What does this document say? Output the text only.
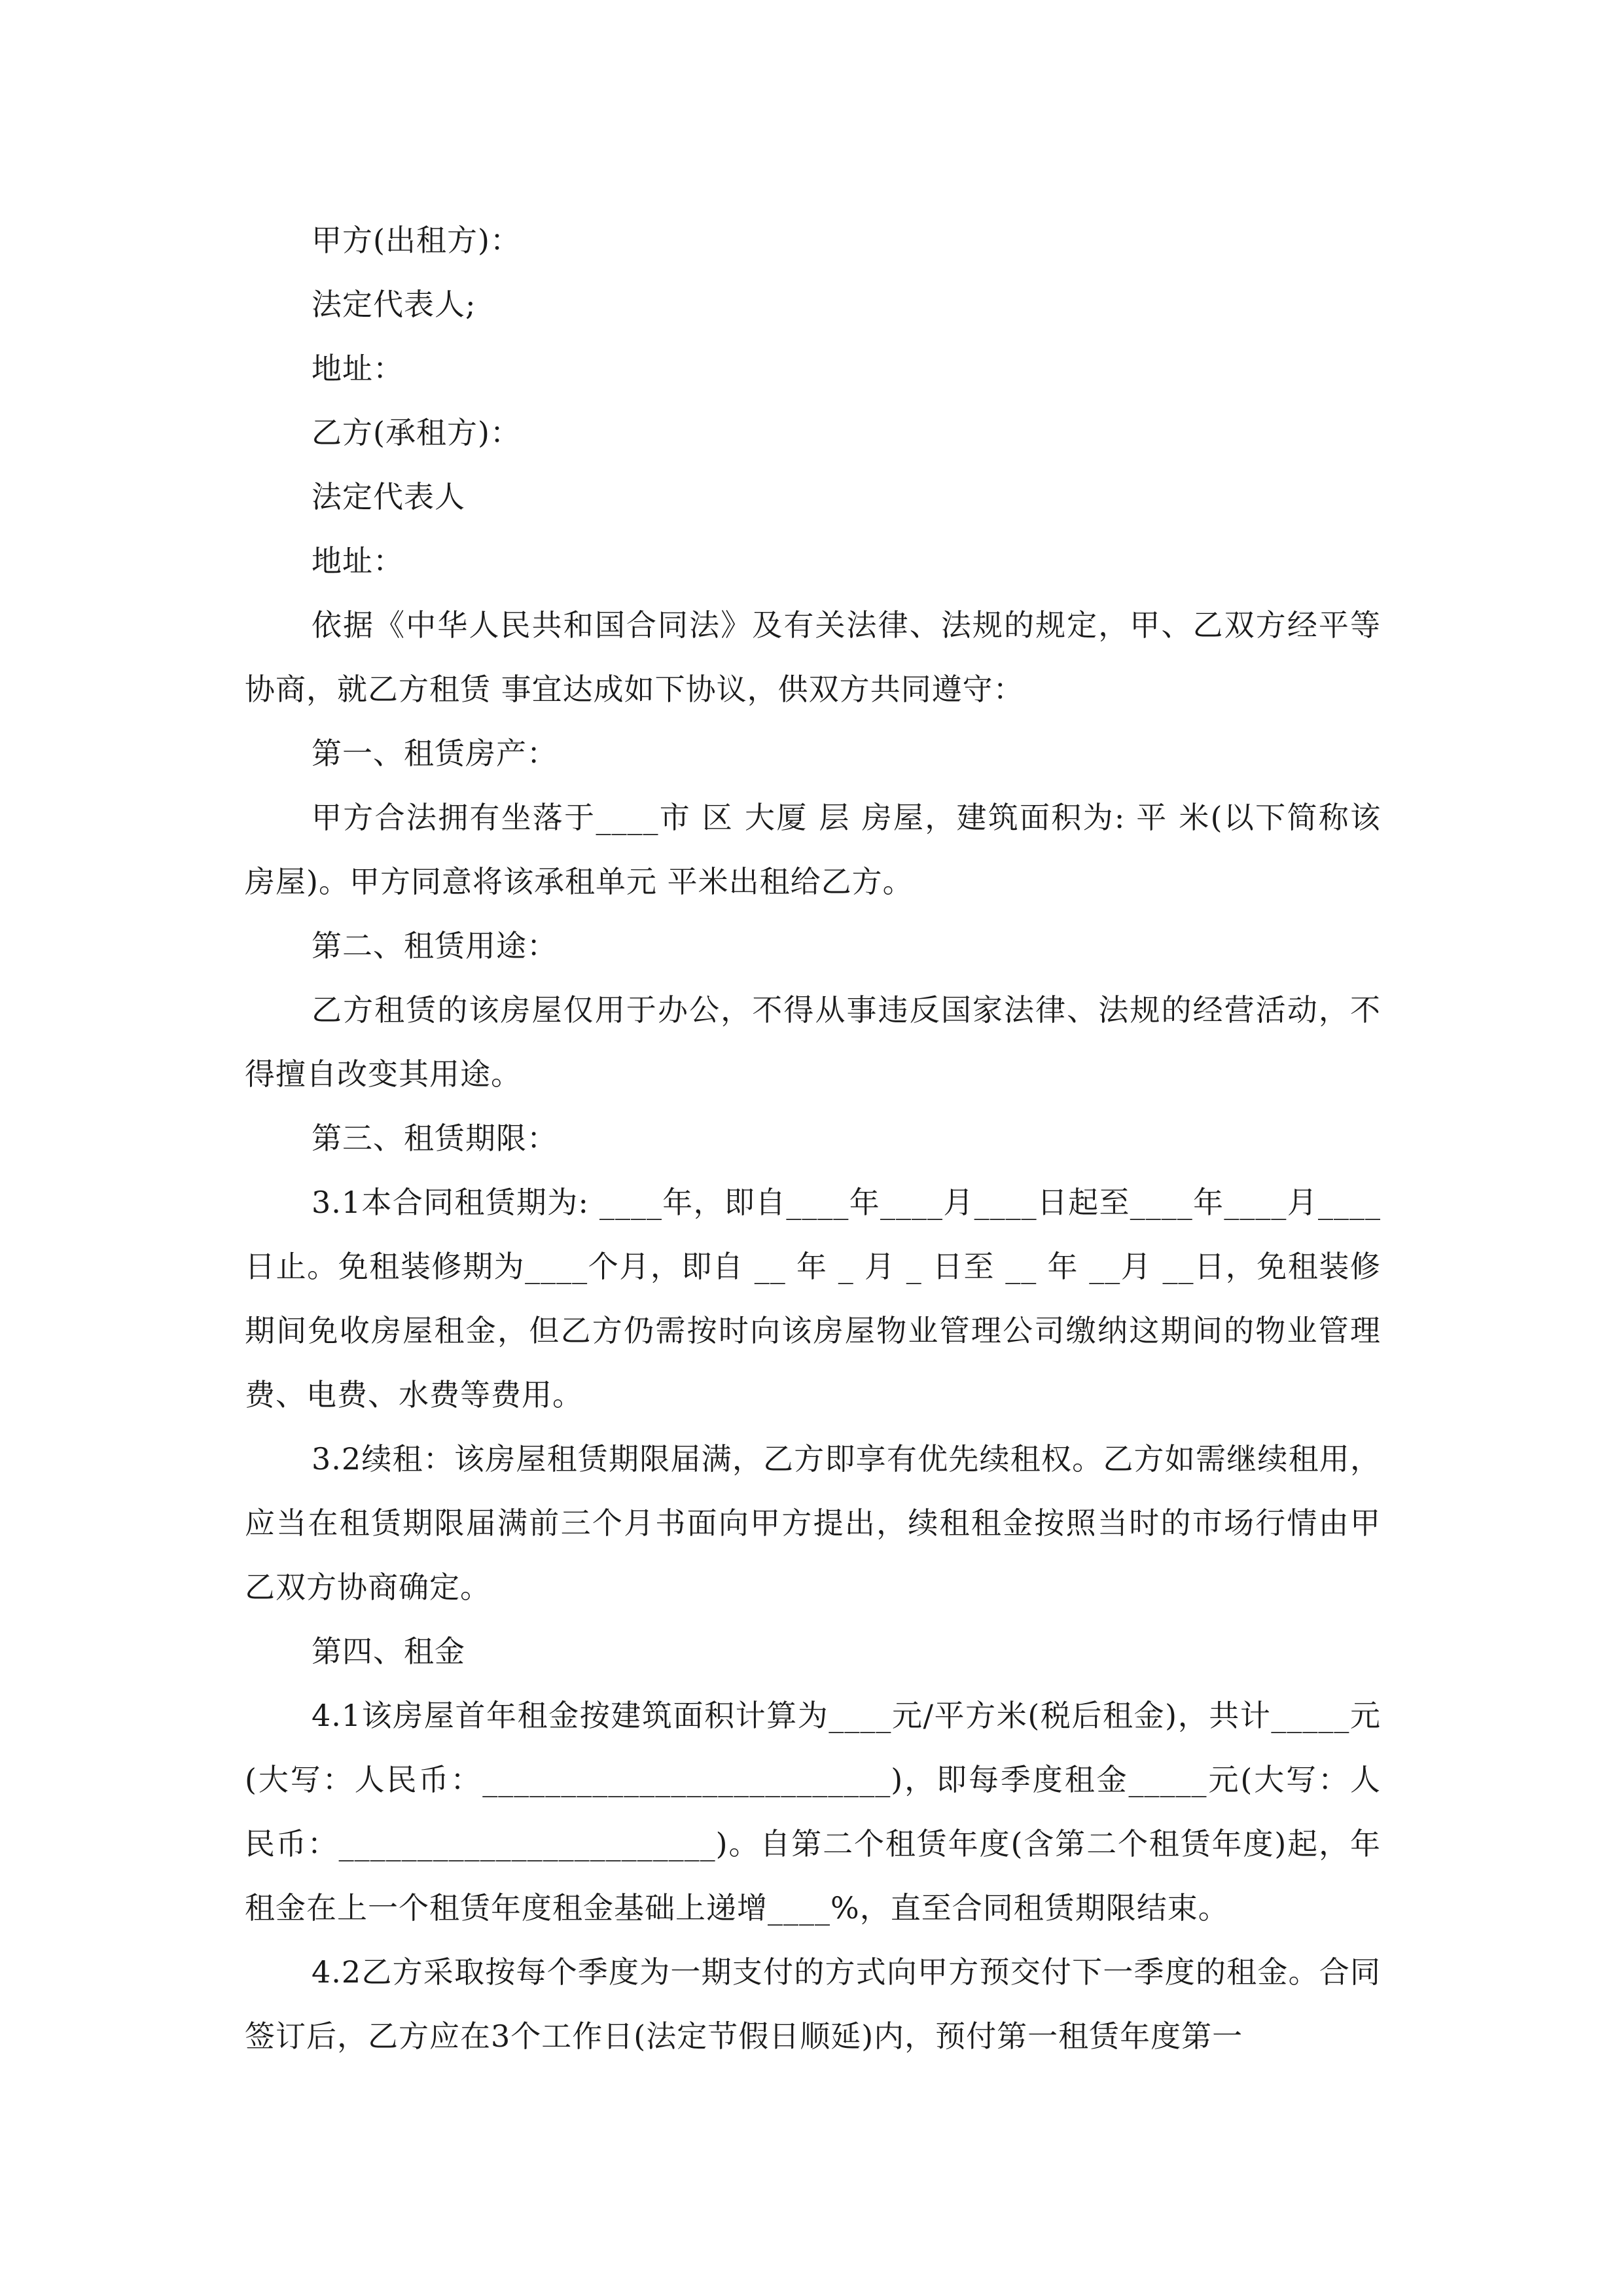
甲方(出租方)：

法定代表人;

地址：

乙方(承租方)：

法定代表人

地址：

依据《中华人民共和国合同法》及有关法律、法规的规定，甲、乙双方经平等协商，就乙方租赁 事宜达成如下协议，供双方共同遵守：

第一、租赁房产：

甲方合法拥有坐落于____市 区 大厦 层 房屋，建筑面积为: 平 米(以下简称该房屋)。甲方同意将该承租单元 平米出租给乙方。

第二、租赁用途：

乙方租赁的该房屋仅用于办公，不得从事违反国家法律、法规的经营活动，不得擅自改变其用途。

第三、租赁期限：

3.1本合同租赁期为: ____年，即自____年____月____日起至____年____月____日止。免租装修期为____个月，即自 __ 年 _ 月 _ 日至 __ 年 __月 __日，免租装修期间免收房屋租金，但乙方仍需按时向该房屋物业管理公司缴纳这期间的物业管理费、电费、水费等费用。

3.2续租：该房屋租赁期限届满，乙方即享有优先续租权。乙方如需继续租用，应当在租赁期限届满前三个月书面向甲方提出，续租租金按照当时的市场行情由甲乙双方协商确定。

第四、租金

4.1该房屋首年租金按建筑面积计算为____元/平方米(税后租金)，共计_____元(大写：人民币：__________________________)，即每季度租金_____元(大写：人民币：________________________)。自第二个租赁年度(含第二个租赁年度)起，年租金在上一个租赁年度租金基础上递增____%，直至合同租赁期限结束。

4.2乙方采取按每个季度为一期支付的方式向甲方预交付下一季度的租金。合同签订后，乙方应在3个工作日(法定节假日顺延)内，预付第一租赁年度第一
